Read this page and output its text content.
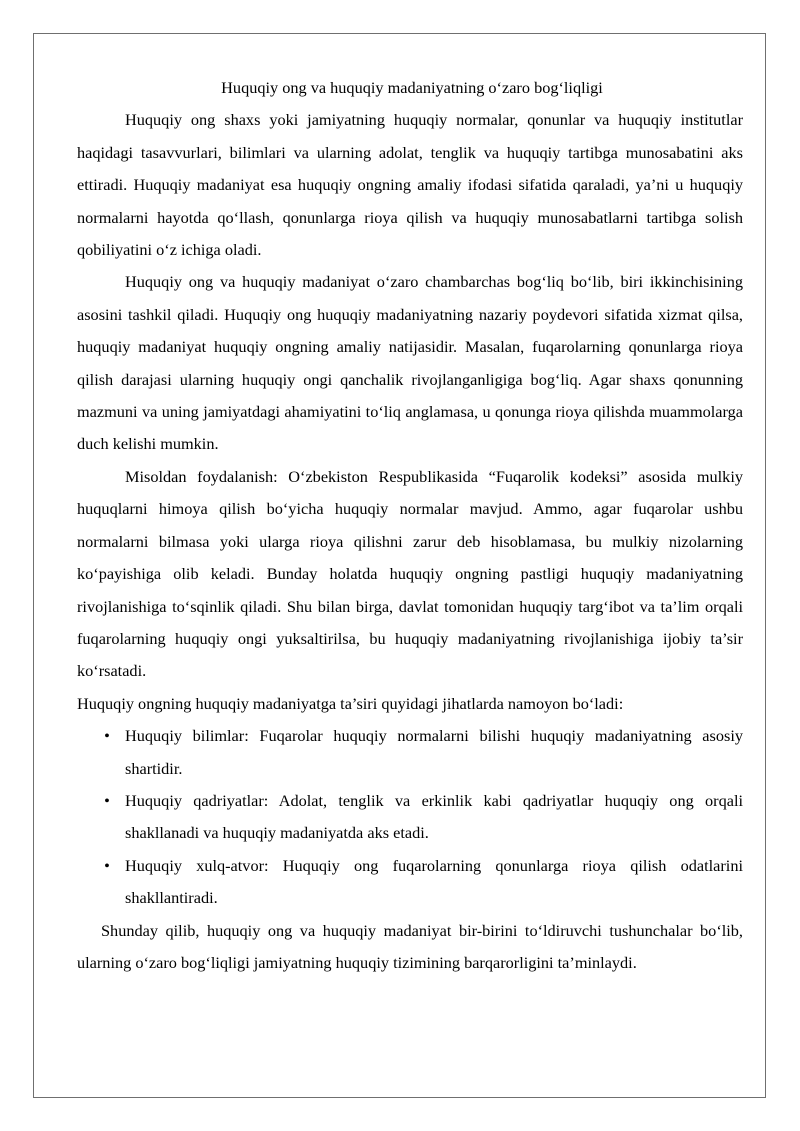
Huquqiy ong va huquqiy madaniyatning o‘zaro bog‘liqligi

Huquqiy ong shaxs yoki jamiyatning huquqiy normalar, qonunlar va huquqiy institutlar haqidagi tasavvurlari, bilimlari va ularning adolat, tenglik va huquqiy tartibga munosabatini aks ettiradi. Huquqiy madaniyat esa huquqiy ongning amaliy ifodasi sifatida qaraladi, ya’ni u huquqiy normalarni hayotda qo‘llash, qonunlarga rioya qilish va huquqiy munosabatlarni tartibga solish qobiliyatini o‘z ichiga oladi.

Huquqiy ong va huquqiy madaniyat o‘zaro chambarchas bog‘liq bo‘lib, biri ikkinchisining asosini tashkil qiladi. Huquqiy ong huquqiy madaniyatning nazariy poydevori sifatida xizmat qilsa, huquqiy madaniyat huquqiy ongning amaliy natijasidir. Masalan, fuqarolarning qonunlarga rioya qilish darajasi ularning huquqiy ongi qanchalik rivojlanganligiga bog‘liq. Agar shaxs qonunning mazmuni va uning jamiyatdagi ahamiyatini to‘liq anglamasa, u qonunga rioya qilishda muammolarga duch kelishi mumkin.

Misoldan foydalanish: O‘zbekiston Respublikasida “Fuqarolik kodeksi” asosida mulkiy huquqlarni himoya qilish bo‘yicha huquqiy normalar mavjud. Ammo, agar fuqarolar ushbu normalarni bilmasa yoki ularga rioya qilishni zarur deb hisoblamasa, bu mulkiy nizolarning ko‘payishiga olib keladi. Bunday holatda huquqiy ongning pastligi huquqiy madaniyatning rivojlanishiga to‘sqinlik qiladi. Shu bilan birga, davlat tomonidan huquqiy targ‘ibot va ta’lim orqali fuqarolarning huquqiy ongi yuksaltirilsa, bu huquqiy madaniyatning rivojlanishiga ijobiy ta’sir ko‘rsatadi.

Huquqiy ongning huquqiy madaniyatga ta’siri quyidagi jihatlarda namoyon bo‘ladi:

• Huquqiy bilimlar: Fuqarolar huquqiy normalarni bilishi huquqiy madaniyatning asosiy shartidir.
• Huquqiy qadriyatlar: Adolat, tenglik va erkinlik kabi qadriyatlar huquqiy ong orqali shakllanadi va huquqiy madaniyatda aks etadi.
• Huquqiy xulq-atvor: Huquqiy ong fuqarolarning qonunlarga rioya qilish odatlarini shakllantiradi.

Shunday qilib, huquqiy ong va huquqiy madaniyat bir-birini to‘ldiruvchi tushunchalar bo‘lib, ularning o‘zaro bog‘liqligi jamiyatning huquqiy tizimining barqarorligini ta’minlaydi.
